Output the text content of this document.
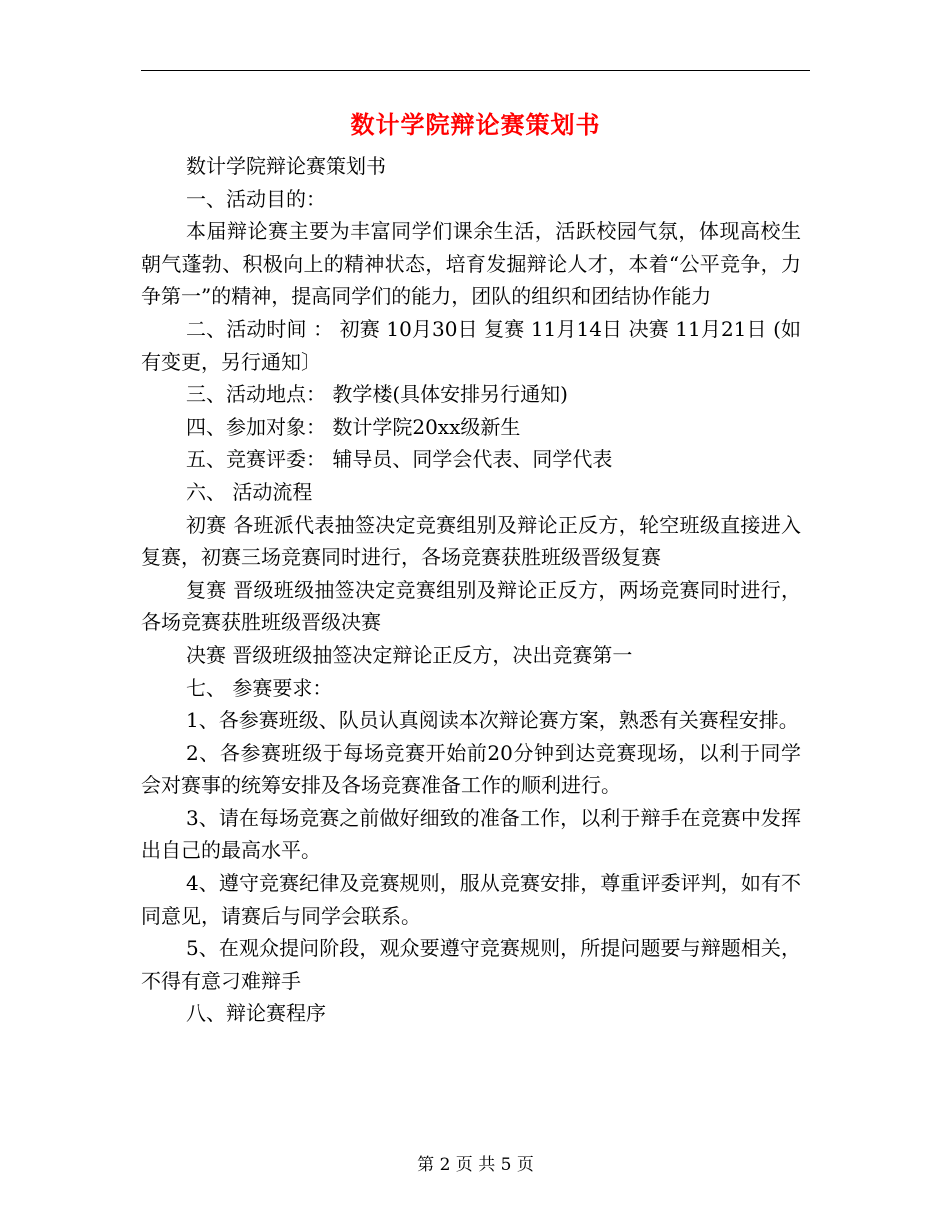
数计学院辩论赛策划书

数计学院辩论赛策划书

一、活动目的：

本届辩论赛主要为丰富同学们课余生活，活跃校园气氛，体现高校生朝气蓬勃、积极向上的精神状态，培育发掘辩论人才，本着“公平竞争，力争第一”的精神，提高同学们的能力，团队的组织和团结协作能力

二、活动时间 ： 初赛 10月30日 复赛 11月14日 决赛 11月21日 (如有变更，另行通知〕

三、活动地点： 教学楼(具体安排另行通知)

四、参加对象： 数计学院20xx级新生

五、竞赛评委： 辅导员、同学会代表、同学代表

六、 活动流程

初赛 各班派代表抽签决定竞赛组别及辩论正反方，轮空班级直接进入复赛，初赛三场竞赛同时进行，各场竞赛获胜班级晋级复赛

复赛 晋级班级抽签决定竞赛组别及辩论正反方，两场竞赛同时进行，各场竞赛获胜班级晋级决赛

决赛 晋级班级抽签决定辩论正反方，决出竞赛第一

七、 参赛要求：

1、各参赛班级、队员认真阅读本次辩论赛方案，熟悉有关赛程安排。

2、各参赛班级于每场竞赛开始前20分钟到达竞赛现场，以利于同学会对赛事的统筹安排及各场竞赛准备工作的顺利进行。

3、请在每场竞赛之前做好细致的准备工作，以利于辩手在竞赛中发挥出自己的最高水平。

4、遵守竞赛纪律及竞赛规则，服从竞赛安排，尊重评委评判，如有不同意见，请赛后与同学会联系。

5、在观众提问阶段，观众要遵守竞赛规则，所提问题要与辩题相关，不得有意刁难辩手

八、辩论赛程序

第 2 页 共 5 页
